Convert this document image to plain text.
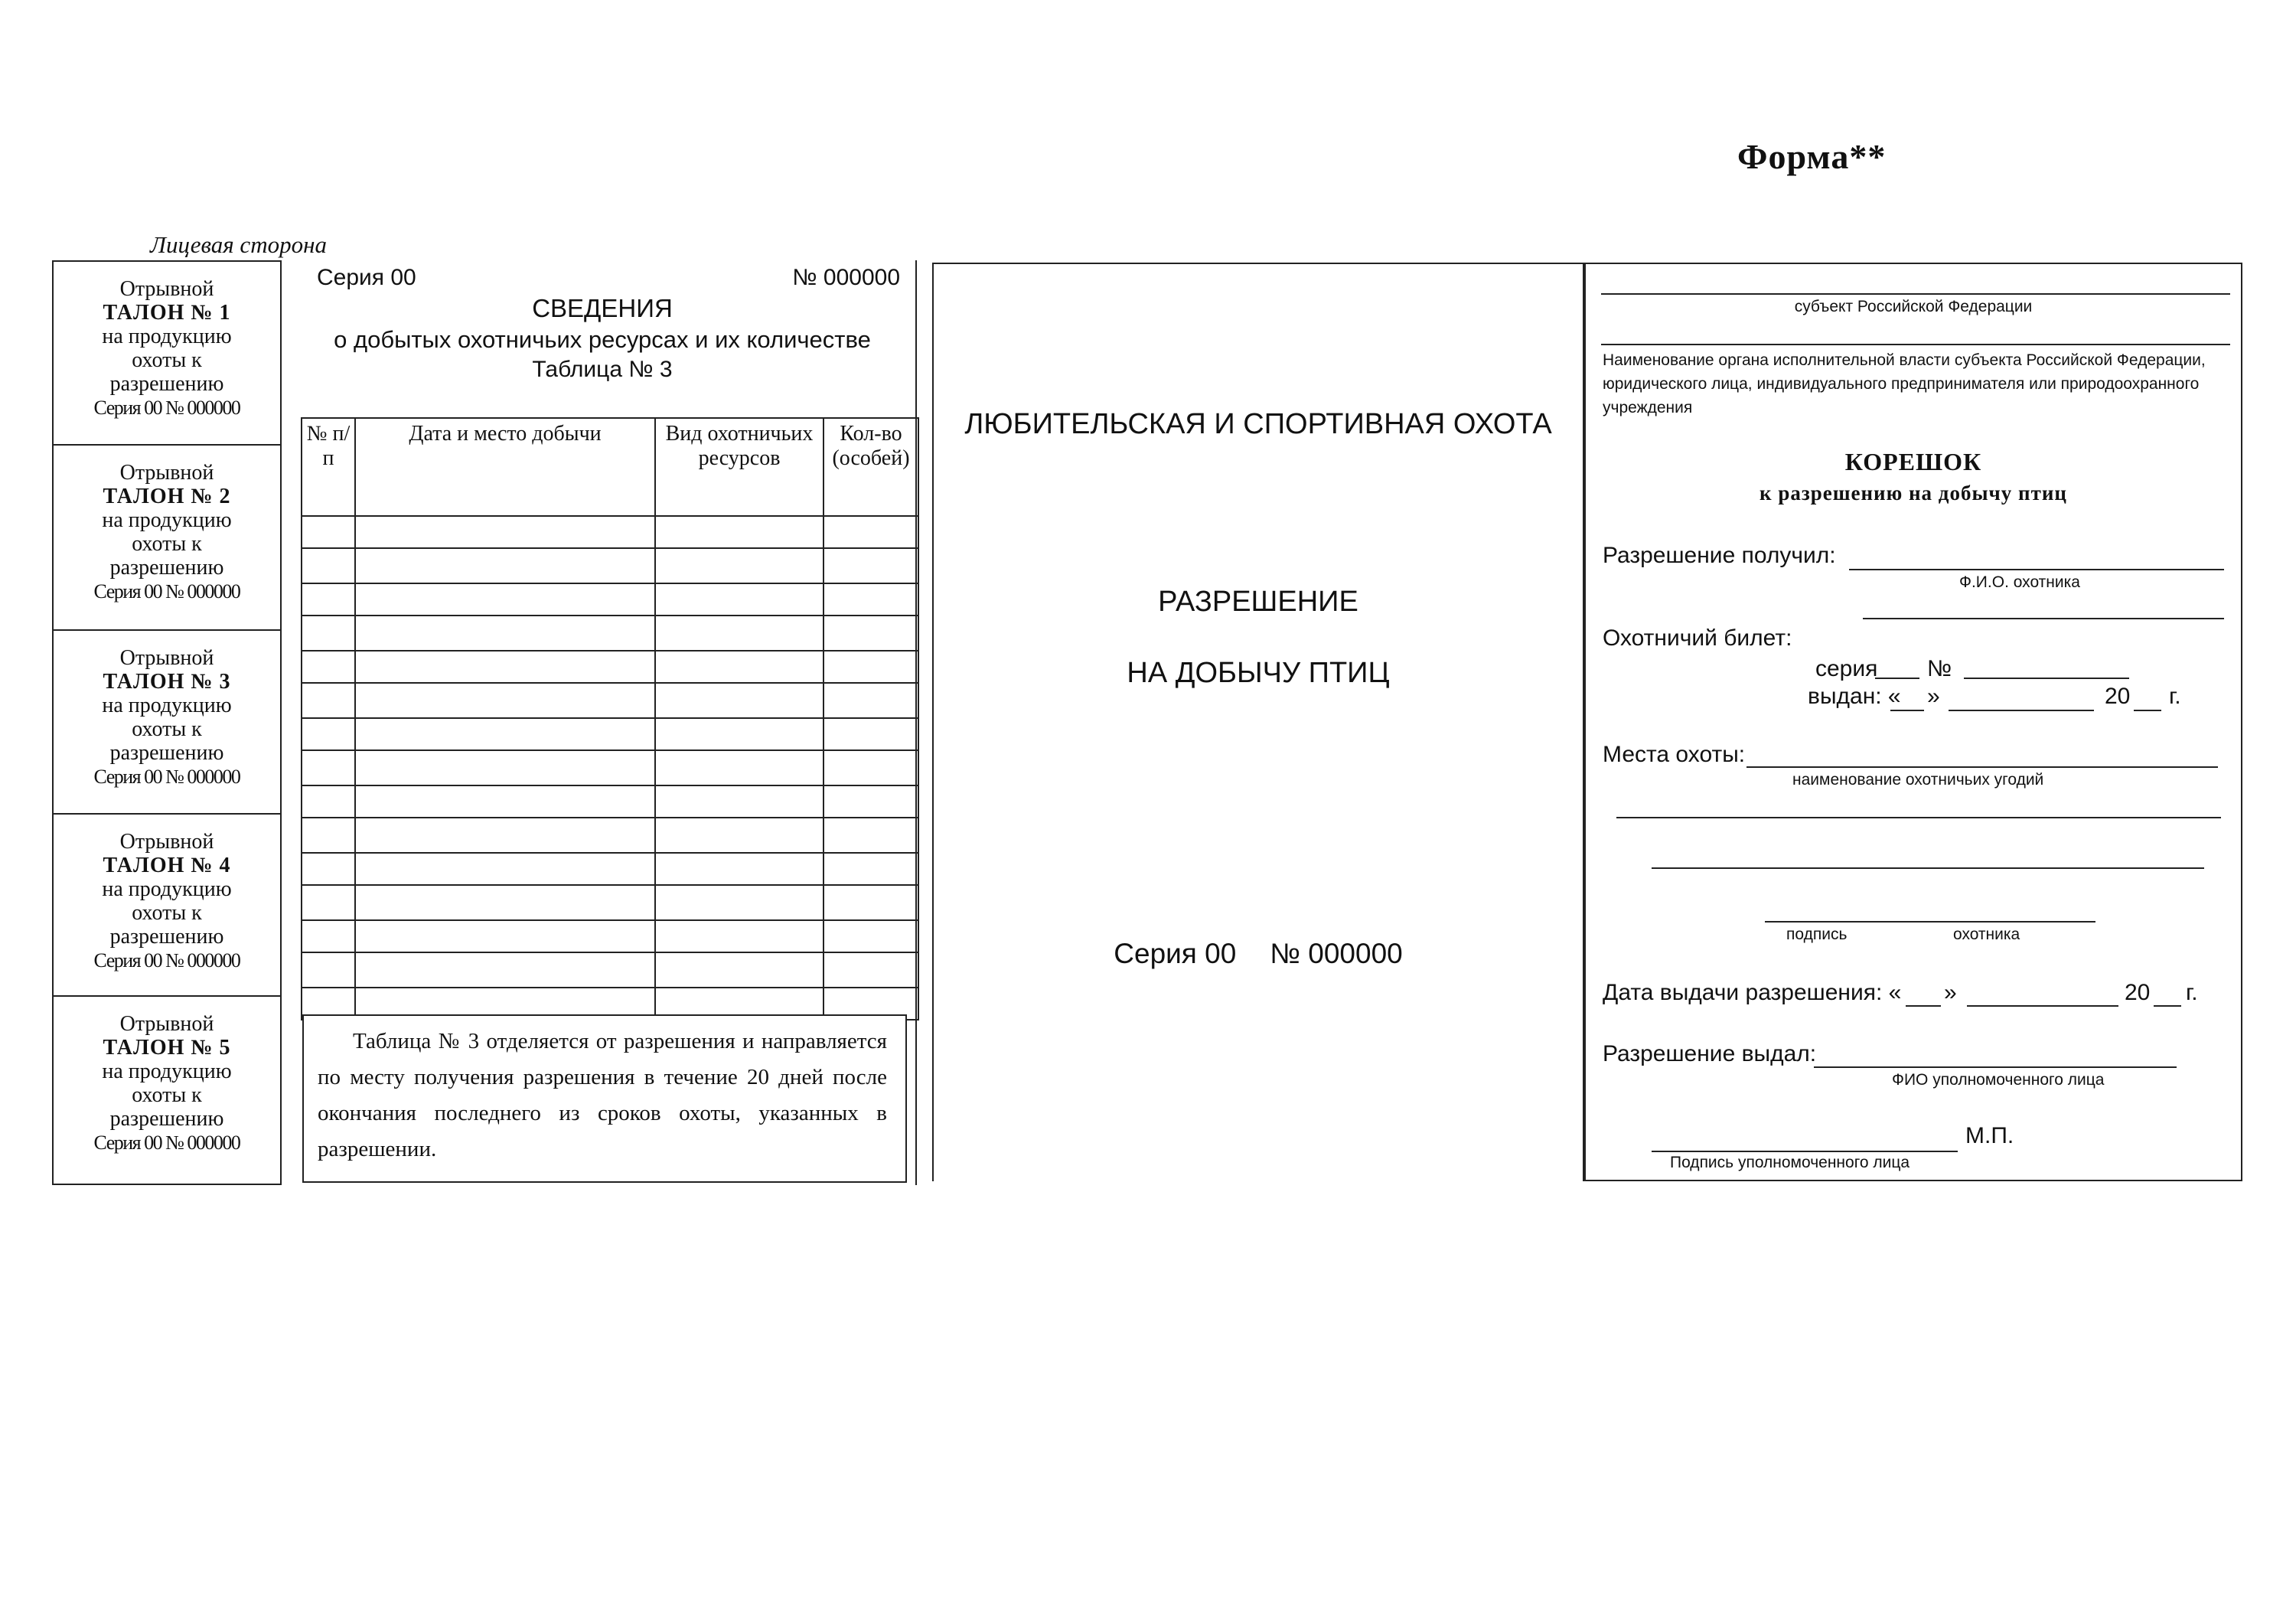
Форма**
Лицевая сторона
Отрывной
ТАЛОН № 1
на продукцию
охоты к
разрешению
Серия 00 № 000000
Отрывной
ТАЛОН № 2
на продукцию
охоты к
разрешению
Серия 00 № 000000
Отрывной
ТАЛОН № 3
на продукцию
охоты к
разрешению
Серия 00 № 000000
Отрывной
ТАЛОН № 4
на продукцию
охоты к
разрешению
Серия 00 № 000000
Отрывной
ТАЛОН № 5
на продукцию
охоты к
разрешению
Серия 00 № 000000
Серия 00	№ 000000
СВЕДЕНИЯ
о добытых охотничьих ресурсах и их количестве
Таблица № 3
№ п/п	Дата и место добычи	Вид охотничьих ресурсов	Кол-во (особей)

Таблица № 3 отделяется от разрешения и направляется по месту получения разрешения в течение 20 дней после окончания последнего из сроков охоты, указанных в разрешении.
ЛЮБИТЕЛЬСКАЯ И СПОРТИВНАЯ ОХОТА
РАЗРЕШЕНИЕ
НА ДОБЫЧУ ПТИЦ
Серия 00 № 000000
субъект Российской Федерации
Наименование органа исполнительной власти субъекта Российской Федерации, юридического лица, индивидуального предпринимателя или природоохранного учреждения
КОРЕШОК
к разрешению на добычу птиц
Разрешение получил:
Ф.И.О. охотника
Охотничий билет:
серия №
выдан: « »	20 г.
Места охоты:
наименование охотничьих угодий
подпись	охотника
Дата выдачи разрешения: « »	20 г.
Разрешение выдал:
ФИО уполномоченного лица
М.П.
Подпись уполномоченного лица
